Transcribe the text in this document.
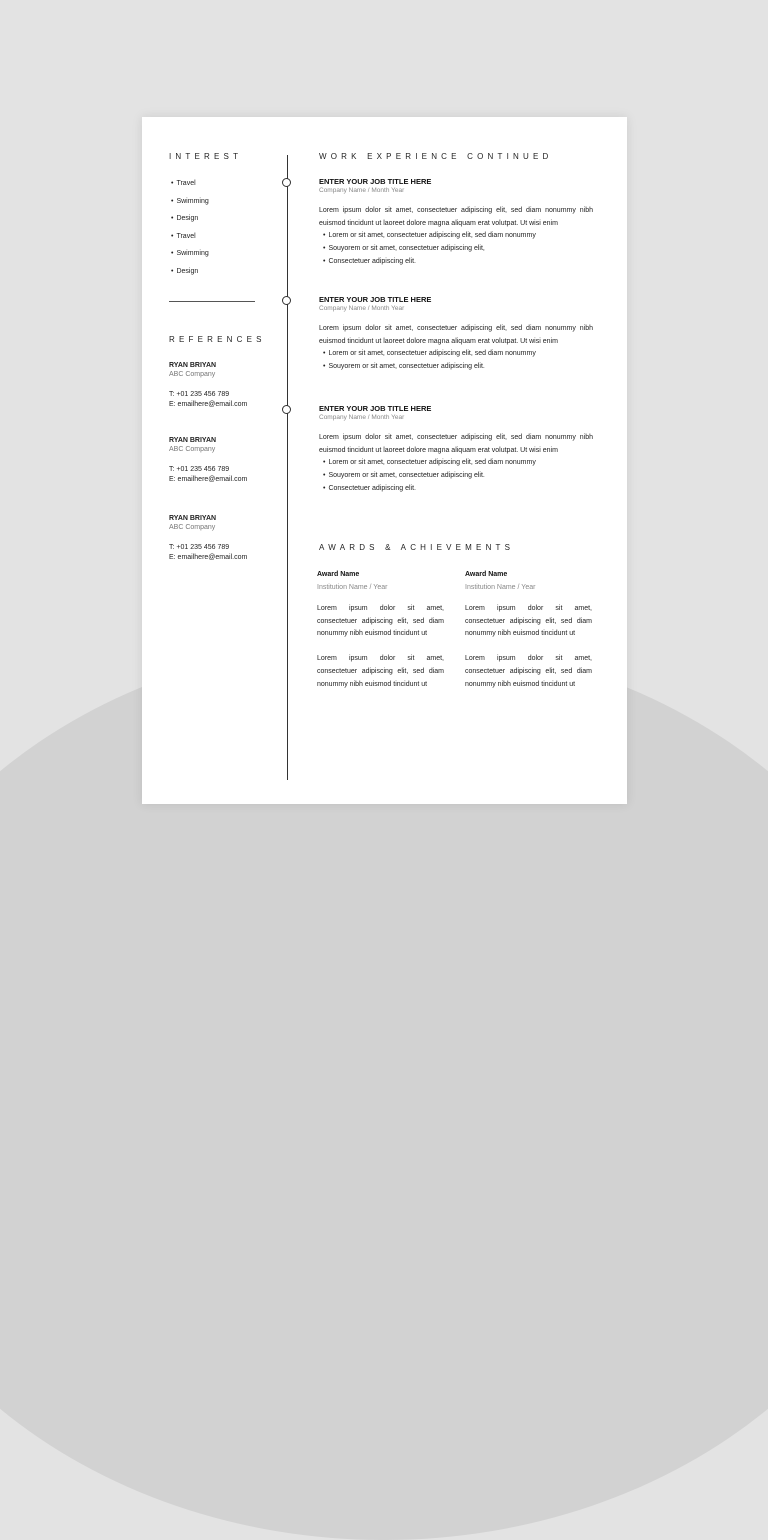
INTEREST
• Travel
• Swimming
• Design
• Travel
• Swimming
• Design
REFERENCES
RYAN BRIYAN
ABC Company
T: +01 235 456 789
E: emailhere@email.com
RYAN BRIYAN
ABC Company
T: +01 235 456 789
E: emailhere@email.com
RYAN BRIYAN
ABC Company
T: +01 235 456 789
E: emailhere@email.com
WORK EXPERIENCE CONTINUED
ENTER YOUR JOB TITLE HERE
Company Name / Month Year
Lorem ipsum dolor sit amet, consectetuer adipiscing elit, sed diam nonummy nibh euismod tincidunt ut laoreet dolore magna aliquam erat volutpat. Ut wisi enim
• Lorem or sit amet, consectetuer adipiscing elit, sed diam nonummy
• Souyorem or sit amet, consectetuer adipiscing elit,
• Consectetuer adipiscing elit.
ENTER YOUR JOB TITLE HERE
Company Name / Month Year
Lorem ipsum dolor sit amet, consectetuer adipiscing elit, sed diam nonummy nibh euismod tincidunt ut laoreet dolore magna aliquam erat volutpat. Ut wisi enim
• Lorem or sit amet, consectetuer adipiscing elit, sed diam nonummy
• Souyorem or sit amet, consectetuer adipiscing elit.
ENTER YOUR JOB TITLE HERE
Company Name / Month Year
Lorem ipsum dolor sit amet, consectetuer adipiscing elit, sed diam nonummy nibh euismod tincidunt ut laoreet dolore magna aliquam erat volutpat. Ut wisi enim
• Lorem or sit amet, consectetuer adipiscing elit, sed diam nonummy
• Souyorem or sit amet, consectetuer adipiscing elit.
• Consectetuer adipiscing elit.
AWARDS & ACHIEVEMENTS
Award Name
Institution Name / Year
Lorem ipsum dolor sit amet, consectetuer adipiscing elit, sed diam nonummy nibh euismod tincidunt ut
Lorem ipsum dolor sit amet, consectetuer adipiscing elit, sed diam nonummy nibh euismod tincidunt ut
Award Name
Institution Name / Year
Lorem ipsum dolor sit amet, consectetuer adipiscing elit, sed diam nonummy nibh euismod tincidunt ut
Lorem ipsum dolor sit amet, consectetuer adipiscing elit, sed diam nonummy nibh euismod tincidunt ut
